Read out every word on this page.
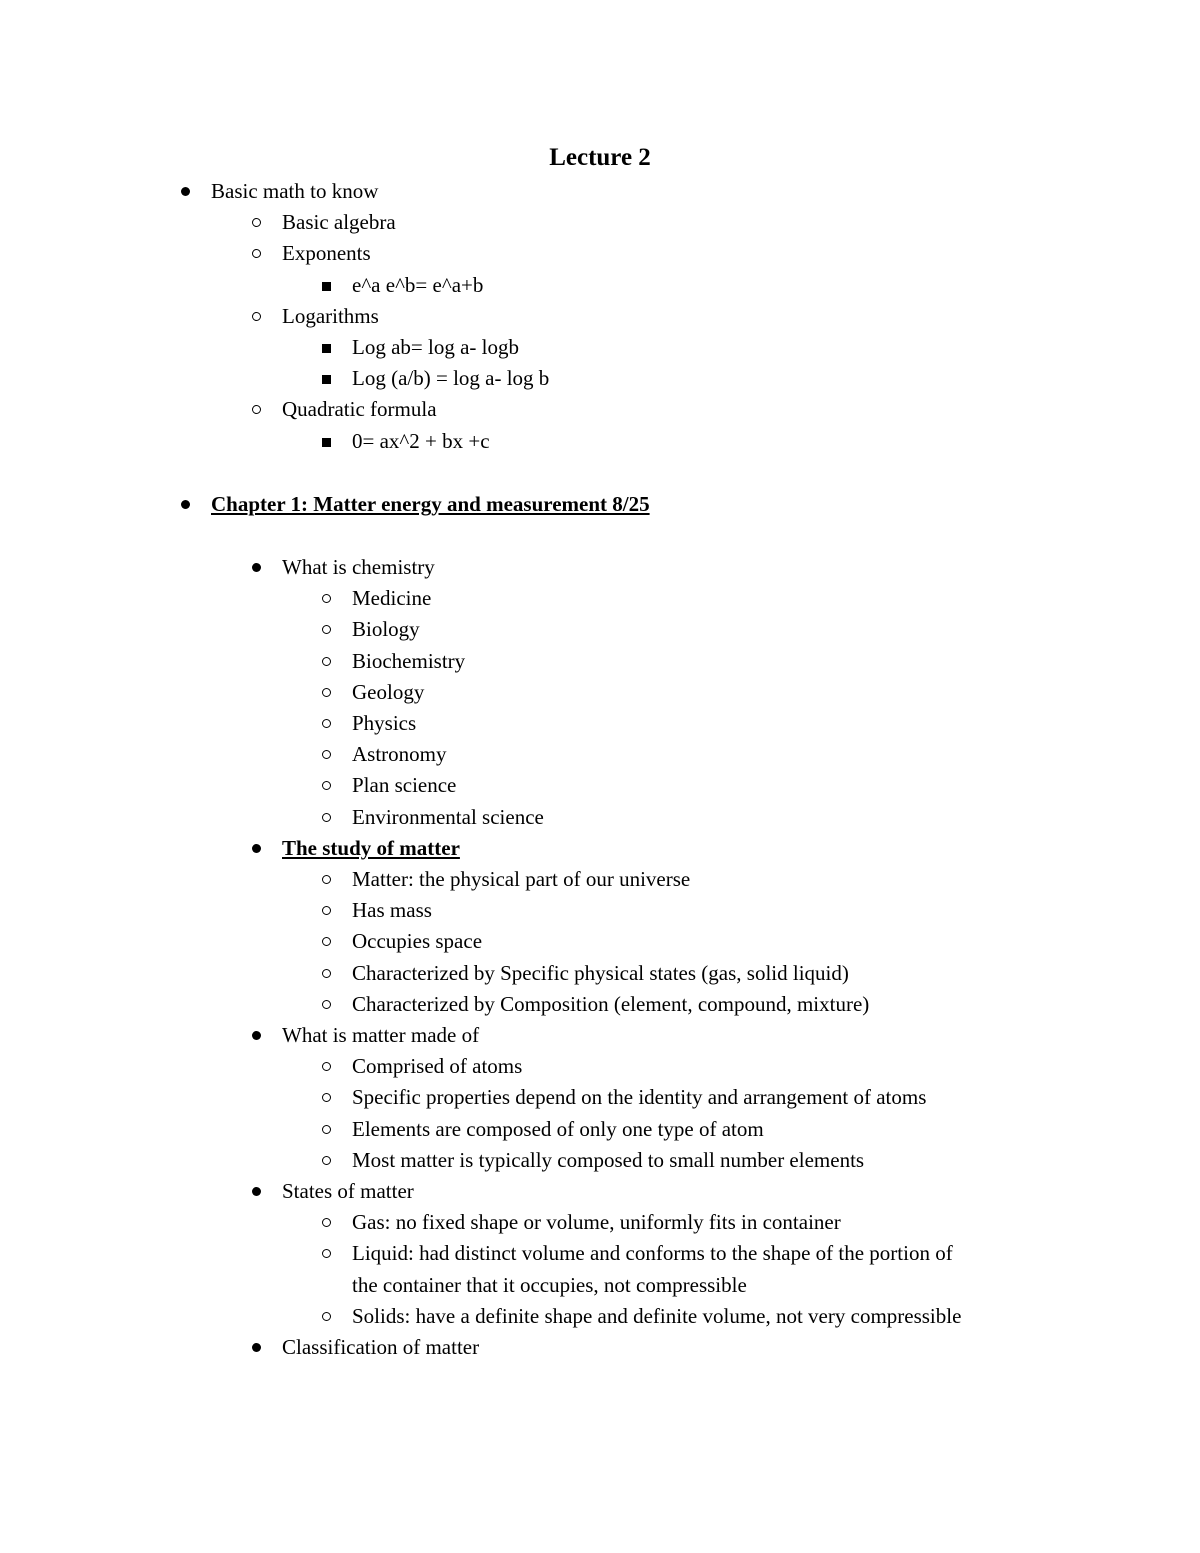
Lecture 2
Basic math to know
Basic algebra
Exponents
e^a e^b= e^a+b
Logarithms
Log ab= log a- logb
Log (a/b) = log a- log b
Quadratic formula
0= ax^2 + bx +c
Chapter 1: Matter energy and measurement 8/25
What is chemistry
Medicine
Biology
Biochemistry
Geology
Physics
Astronomy
Plan science
Environmental science
The study of matter
Matter: the physical part of our universe
Has mass
Occupies space
Characterized by Specific physical states (gas, solid liquid)
Characterized by Composition (element, compound, mixture)
What is matter made of
Comprised of atoms
Specific properties depend on the identity and arrangement of atoms
Elements are composed of only one type of atom
Most matter is typically composed to small number elements
States of matter
Gas: no fixed shape or volume, uniformly fits in container
Liquid: had distinct volume and conforms to the shape of the portion of
the container that it occupies, not compressible
Solids: have a definite shape and definite volume, not very compressible
Classification of matter
